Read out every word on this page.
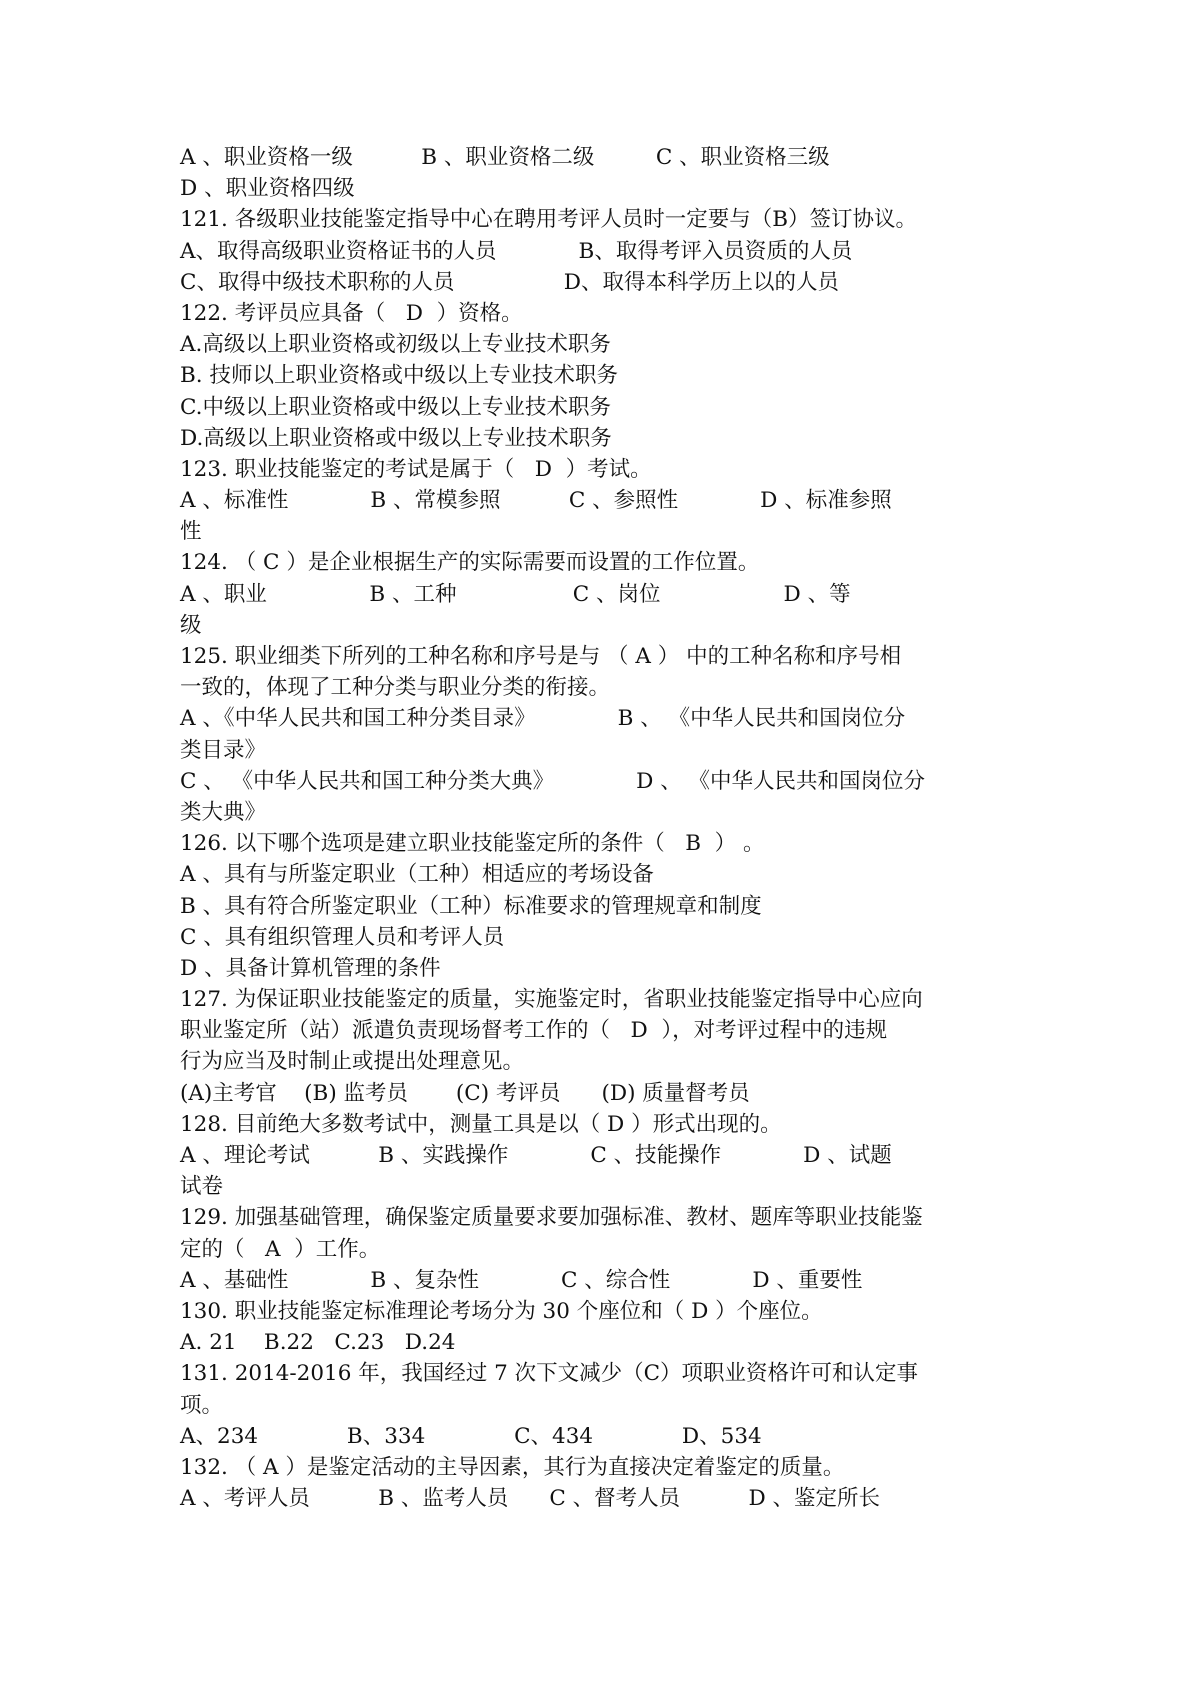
A 、职业资格一级          B 、职业资格二级         C 、职业资格三级
D 、职业资格四级
121. 各级职业技能鉴定指导中心在聘用考评人员时一定要与（B）签订协议。
A、取得高级职业资格证书的人员            B、取得考评入员资质的人员
C、取得中级技术职称的人员                D、取得本科学历上以的人员
122. 考评员应具备（   D  ）资格。
A.高级以上职业资格或初级以上专业技术职务
B. 技师以上职业资格或中级以上专业技术职务
C.中级以上职业资格或中级以上专业技术职务
D.高级以上职业资格或中级以上专业技术职务
123. 职业技能鉴定的考试是属于（   D  ）考试。
A 、标准性            B 、常模参照          C 、参照性            D 、标准参照
性
124. （ C ）是企业根据生产的实际需要而设置的工作位置。
A 、职业               B 、工种                 C 、岗位                  D 、等
级
125. 职业细类下所列的工种名称和序号是与 （ A ） 中的工种名称和序号相
一致的，体现了工种分类与职业分类的衔接。
A 、《中华人民共和国工种分类目录》            B 、 《中华人民共和国岗位分
类目录》
C 、 《中华人民共和国工种分类大典》            D 、 《中华人民共和国岗位分
类大典》
126. 以下哪个选项是建立职业技能鉴定所的条件（   B  ） 。
A 、具有与所鉴定职业（工种）相适应的考场设备
B 、具有符合所鉴定职业（工种）标准要求的管理规章和制度
C 、具有组织管理人员和考评人员
D 、具备计算机管理的条件
127. 为保证职业技能鉴定的质量，实施鉴定时，省职业技能鉴定指导中心应向
职业鉴定所（站）派遣负责现场督考工作的（   D  ），对考评过程中的违规
行为应当及时制止或提出处理意见。
(A)主考官    (B) 监考员       (C) 考评员      (D) 质量督考员
128. 目前绝大多数考试中，测量工具是以（ D ）形式出现的。
A 、理论考试          B 、实践操作            C 、技能操作            D 、试题
试卷
129. 加强基础管理，确保鉴定质量要求要加强标准、教材、题库等职业技能鉴
定的（   A  ）工作。
A 、基础性            B 、复杂性            C 、综合性            D 、重要性
130. 职业技能鉴定标准理论考场分为 30 个座位和（ D ）个座位。
A. 21    B.22   C.23   D.24
131. 2014-2016 年，我国经过 7 次下文减少（C）项职业资格许可和认定事
项。
A、234             B、334             C、434             D、534
132. （ A ）是鉴定活动的主导因素，其行为直接决定着鉴定的质量。
A 、考评人员          B 、监考人员      C 、督考人员          D 、鉴定所长
